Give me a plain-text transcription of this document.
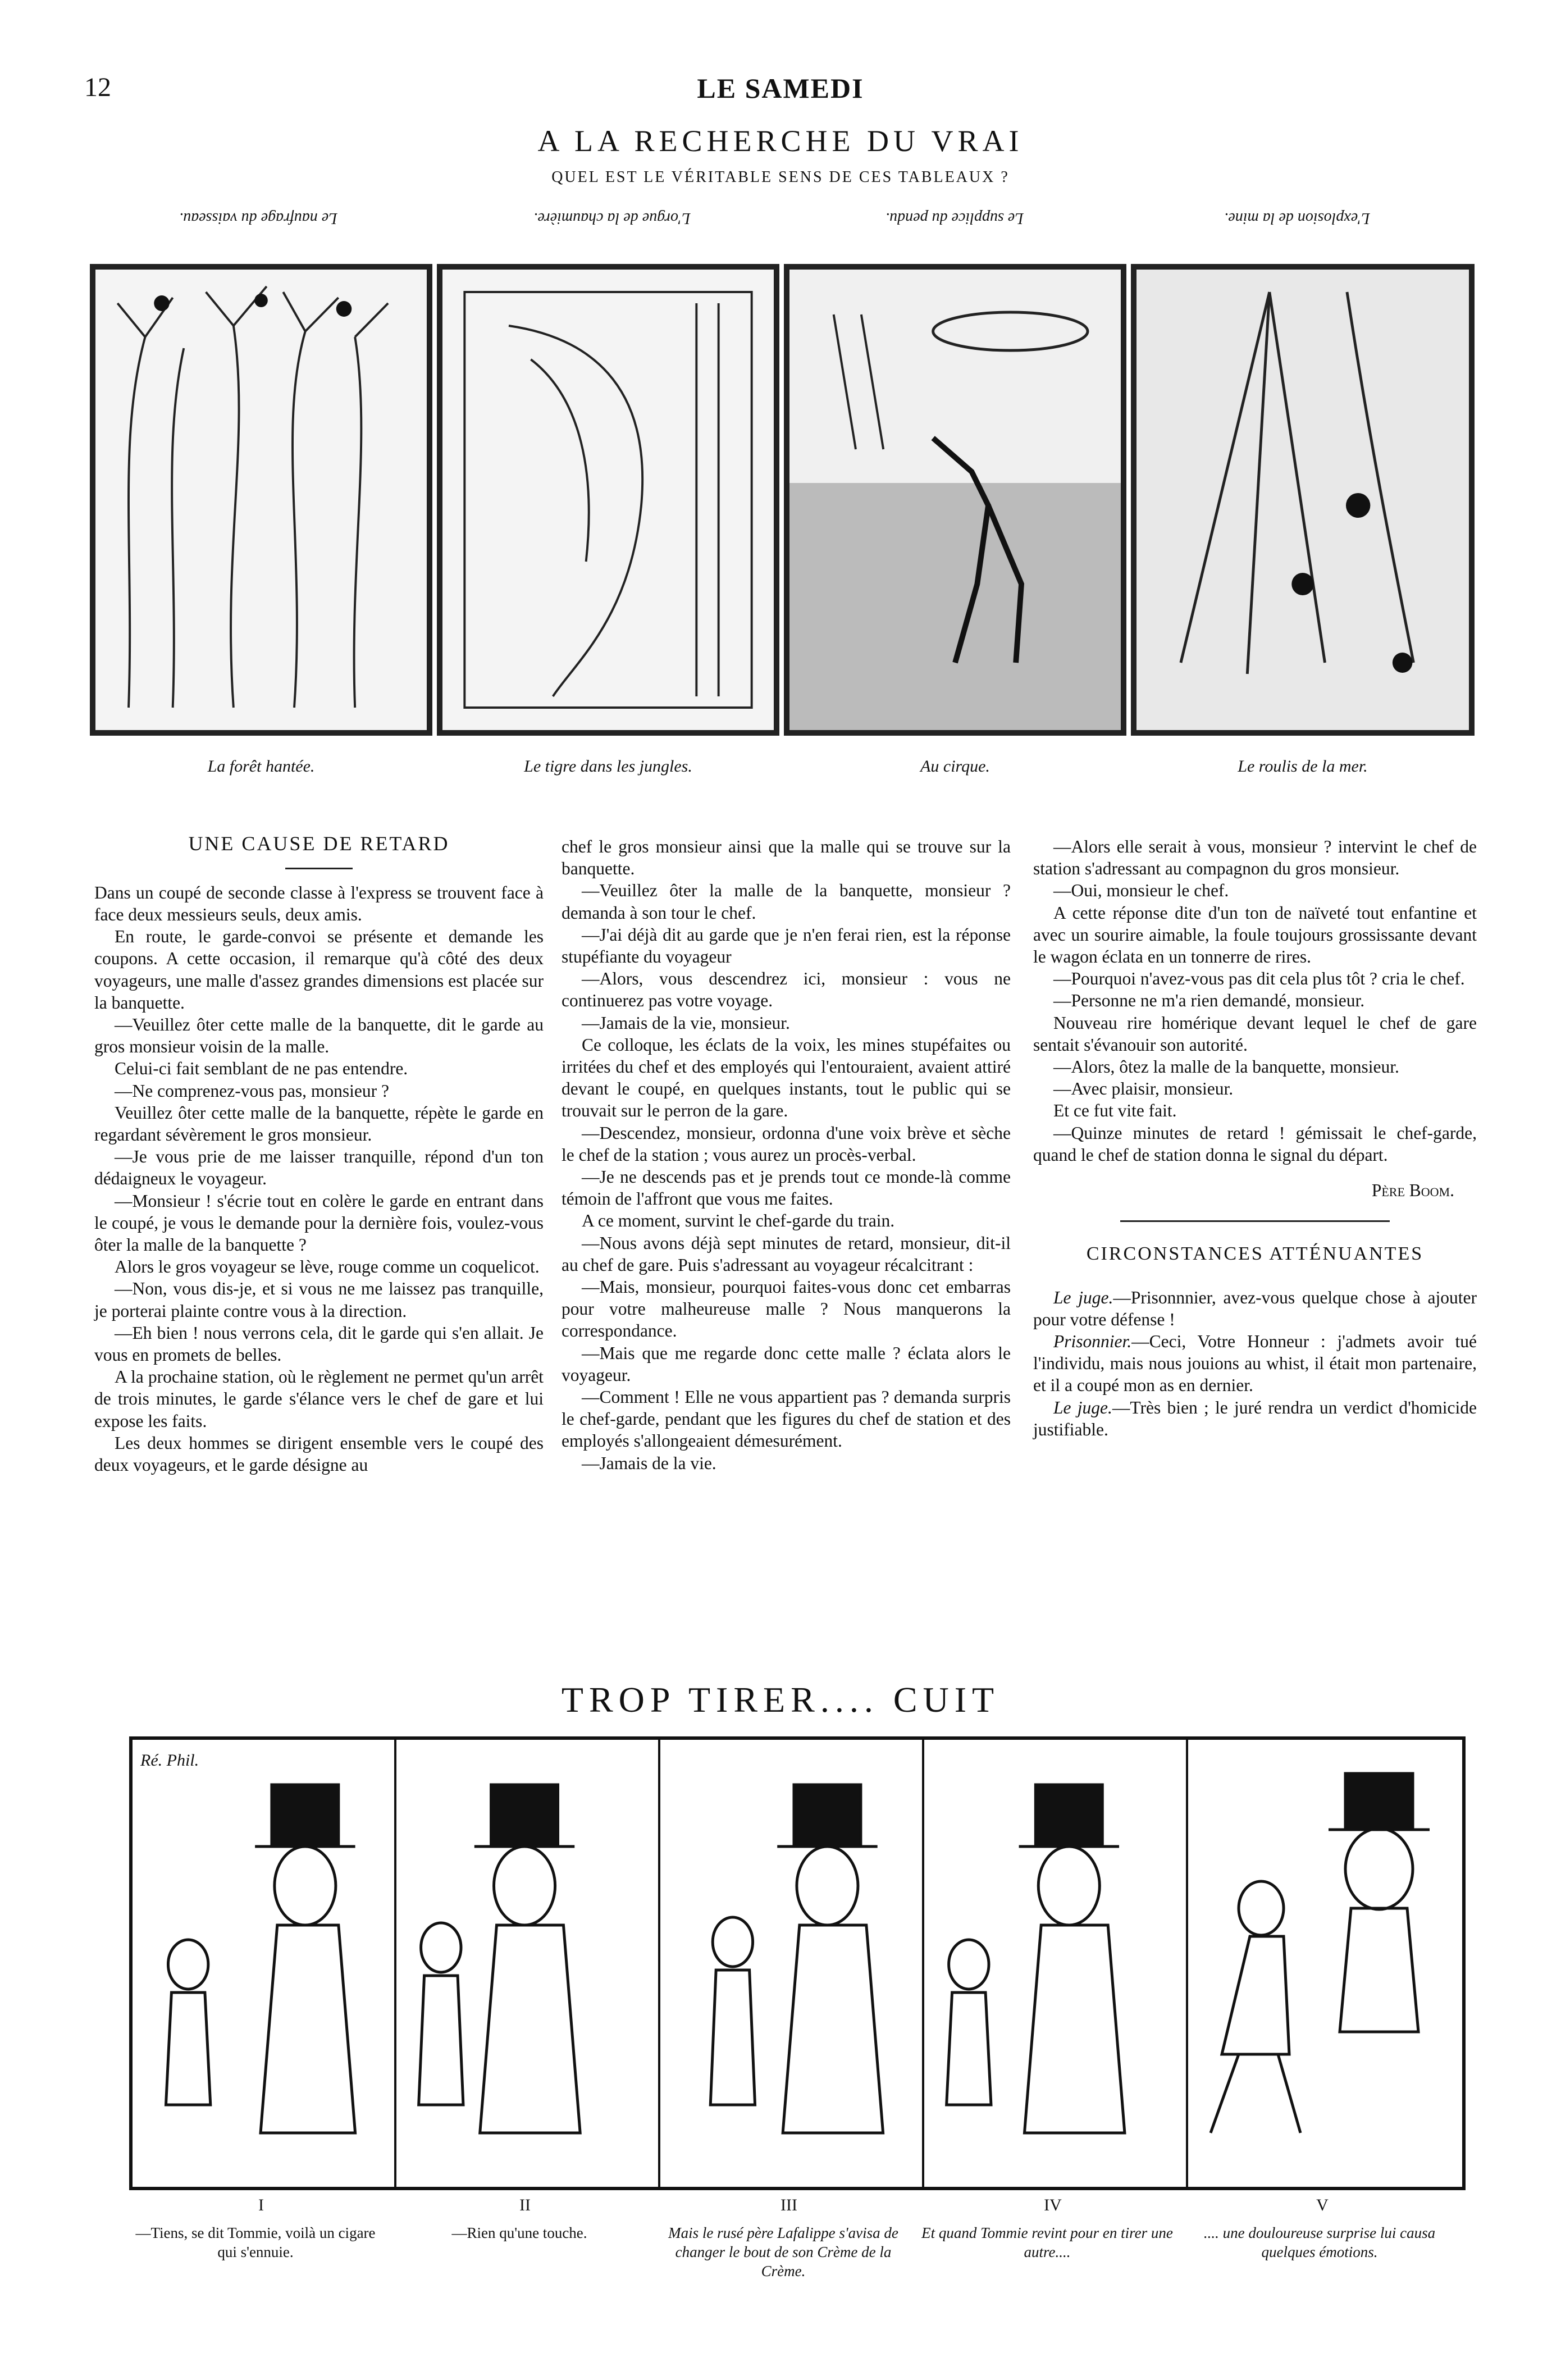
12	LE SAMEDI
A LA RECHERCHE DU VRAI
QUEL EST LE VÉRITABLE SENS DE CES TABLEAUX ?
Le naufrage du vaisseau.	L'orgue de la chaumière.	Le supplice du pendu.	L'explosion de la mine.
La forêt hantée.	Le tigre dans les jungles.	Au cirque.	Le roulis de la mer.
UNE CAUSE DE RETARD

Dans un coupé de seconde classe à l'express se trouvent face à face deux messieurs seuls, deux amis.

En route, le garde-convoi se présente et demande les coupons. A cette occasion, il remarque qu'à côté des deux voyageurs, une malle d'assez grandes dimensions est placée sur la banquette.

—Veuillez ôter cette malle de la banquette, dit le garde au gros monsieur voisin de la malle.

Celui-ci fait semblant de ne pas entendre.

—Ne comprenez-vous pas, monsieur ?

Veuillez ôter cette malle de la banquette, répète le garde en regardant sévèrement le gros monsieur.

—Je vous prie de me laisser tranquille, répond d'un ton dédaigneux le voyageur.

—Monsieur ! s'écrie tout en colère le garde en entrant dans le coupé, je vous le demande pour la dernière fois, voulez-vous ôter la malle de la banquette ?

Alors le gros voyageur se lève, rouge comme un coquelicot.

—Non, vous dis-je, et si vous ne me laissez pas tranquille, je porterai plainte contre vous à la direction.

—Eh bien ! nous verrons cela, dit le garde qui s'en allait. Je vous en promets de belles.

A la prochaine station, où le règlement ne permet qu'un arrêt de trois minutes, le garde s'élance vers le chef de gare et lui expose les faits.

Les deux hommes se dirigent ensemble vers le coupé des deux voyageurs, et le garde désigne au

chef le gros monsieur ainsi que la malle qui se trouve sur la banquette.

—Veuillez ôter la malle de la banquette, monsieur ? demanda à son tour le chef.

—J'ai déjà dit au garde que je n'en ferai rien, est la réponse stupéfiante du voyageur

—Alors, vous descendrez ici, monsieur : vous ne continuerez pas votre voyage.

—Jamais de la vie, monsieur.

Ce colloque, les éclats de la voix, les mines stupéfaites ou irritées du chef et des employés qui l'entouraient, avaient attiré devant le coupé, en quelques instants, tout le public qui se trouvait sur le perron de la gare.

—Descendez, monsieur, ordonna d'une voix brève et sèche le chef de la station ; vous aurez un procès-verbal.

—Je ne descends pas et je prends tout ce monde-là comme témoin de l'affront que vous me faites.

A ce moment, survint le chef-garde du train.

—Nous avons déjà sept minutes de retard, monsieur, dit-il au chef de gare. Puis s'adressant au voyageur récalcitrant :

—Mais, monsieur, pourquoi faites-vous donc cet embarras pour votre malheureuse malle ? Nous manquerons la correspondance.

—Mais que me regarde donc cette malle ? éclata alors le voyageur.

—Comment ! Elle ne vous appartient pas ? demanda surpris le chef-garde, pendant que les figures du chef de station et des employés s'allongeaient démesurément.

—Jamais de la vie.

—Alors elle serait à vous, monsieur ? intervint le chef de station s'adressant au compagnon du gros monsieur.

—Oui, monsieur le chef.

A cette réponse dite d'un ton de naïveté tout enfantine et avec un sourire aimable, la foule toujours grossissante devant le wagon éclata en un tonnerre de rires.

—Pourquoi n'avez-vous pas dit cela plus tôt ? cria le chef.

—Personne ne m'a rien demandé, monsieur.

Nouveau rire homérique devant lequel le chef de gare sentait s'évanouir son autorité.

—Alors, ôtez la malle de la banquette, monsieur.

—Avec plaisir, monsieur.

Et ce fut vite fait.

—Quinze minutes de retard ! gémissait le chef-garde, quand le chef de station donna le signal du départ.

Père Boom.
CIRCONSTANCES ATTÉNUANTES

Le juge.—Prisonnnier, avez-vous quelque chose à ajouter pour votre défense !

Prisonnier.—Ceci, Votre Honneur : j'admets avoir tué l'individu, mais nous jouions au whist, il était mon partenaire, et il a coupé mon as en dernier.

Le juge.—Très bien ; le juré rendra un verdict d'homicide justifiable.

TROP TIRER.... CUIT
Ré. Phil.
I	II	III	IV	V
—Tiens, se dit Tommie, voilà un cigare qui s'ennuie.
—Rien qu'une touche.	Mais le rusé père Lafalippe s'avisa de changer le bout de son Crème de la Crème.
Et quand Tommie revint pour en tirer une autre....
.... une douloureuse surprise lui causa quelques émotions.
